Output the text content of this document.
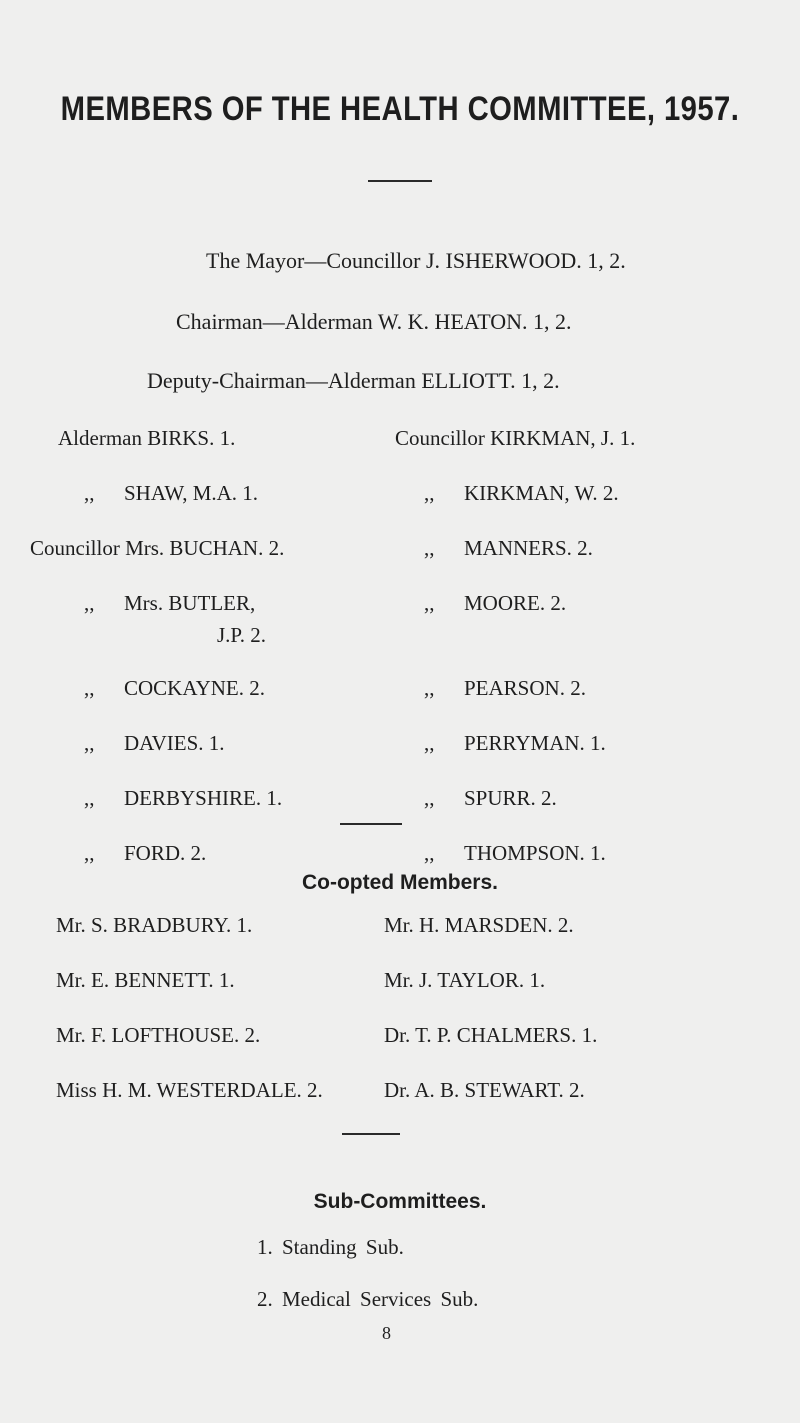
MEMBERS OF THE HEALTH COMMITTEE, 1957.
The Mayor—Councillor J. ISHERWOOD. 1, 2.
Chairman—Alderman W. K. HEATON. 1, 2.
Deputy-Chairman—Alderman ELLIOTT. 1, 2.
Alderman BIRKS. 1.
,, SHAW, M.A. 1.
Councillor Mrs. BUCHAN. 2.
,, Mrs. BUTLER,
J.P. 2.
,, COCKAYNE. 2.
,, DAVIES. 1.
,, DERBYSHIRE. 1.
,, FORD. 2.
Councillor KIRKMAN, J. 1.
,, KIRKMAN, W. 2.
,, MANNERS. 2.
,, MOORE. 2.
,, PEARSON. 2.
,, PERRYMAN. 1.
,, SPURR. 2.
,, THOMPSON. 1.
Co-opted Members.
Mr. S. BRADBURY. 1.
Mr. E. BENNETT. 1.
Mr. F. LOFTHOUSE. 2.
Miss H. M. WESTERDALE. 2.
Mr. H. MARSDEN. 2.
Mr. J. TAYLOR. 1.
Dr. T. P. CHALMERS. 1.
Dr. A. B. STEWART. 2.
Sub-Committees.
1. Standing Sub.
2. Medical Services Sub.
8
